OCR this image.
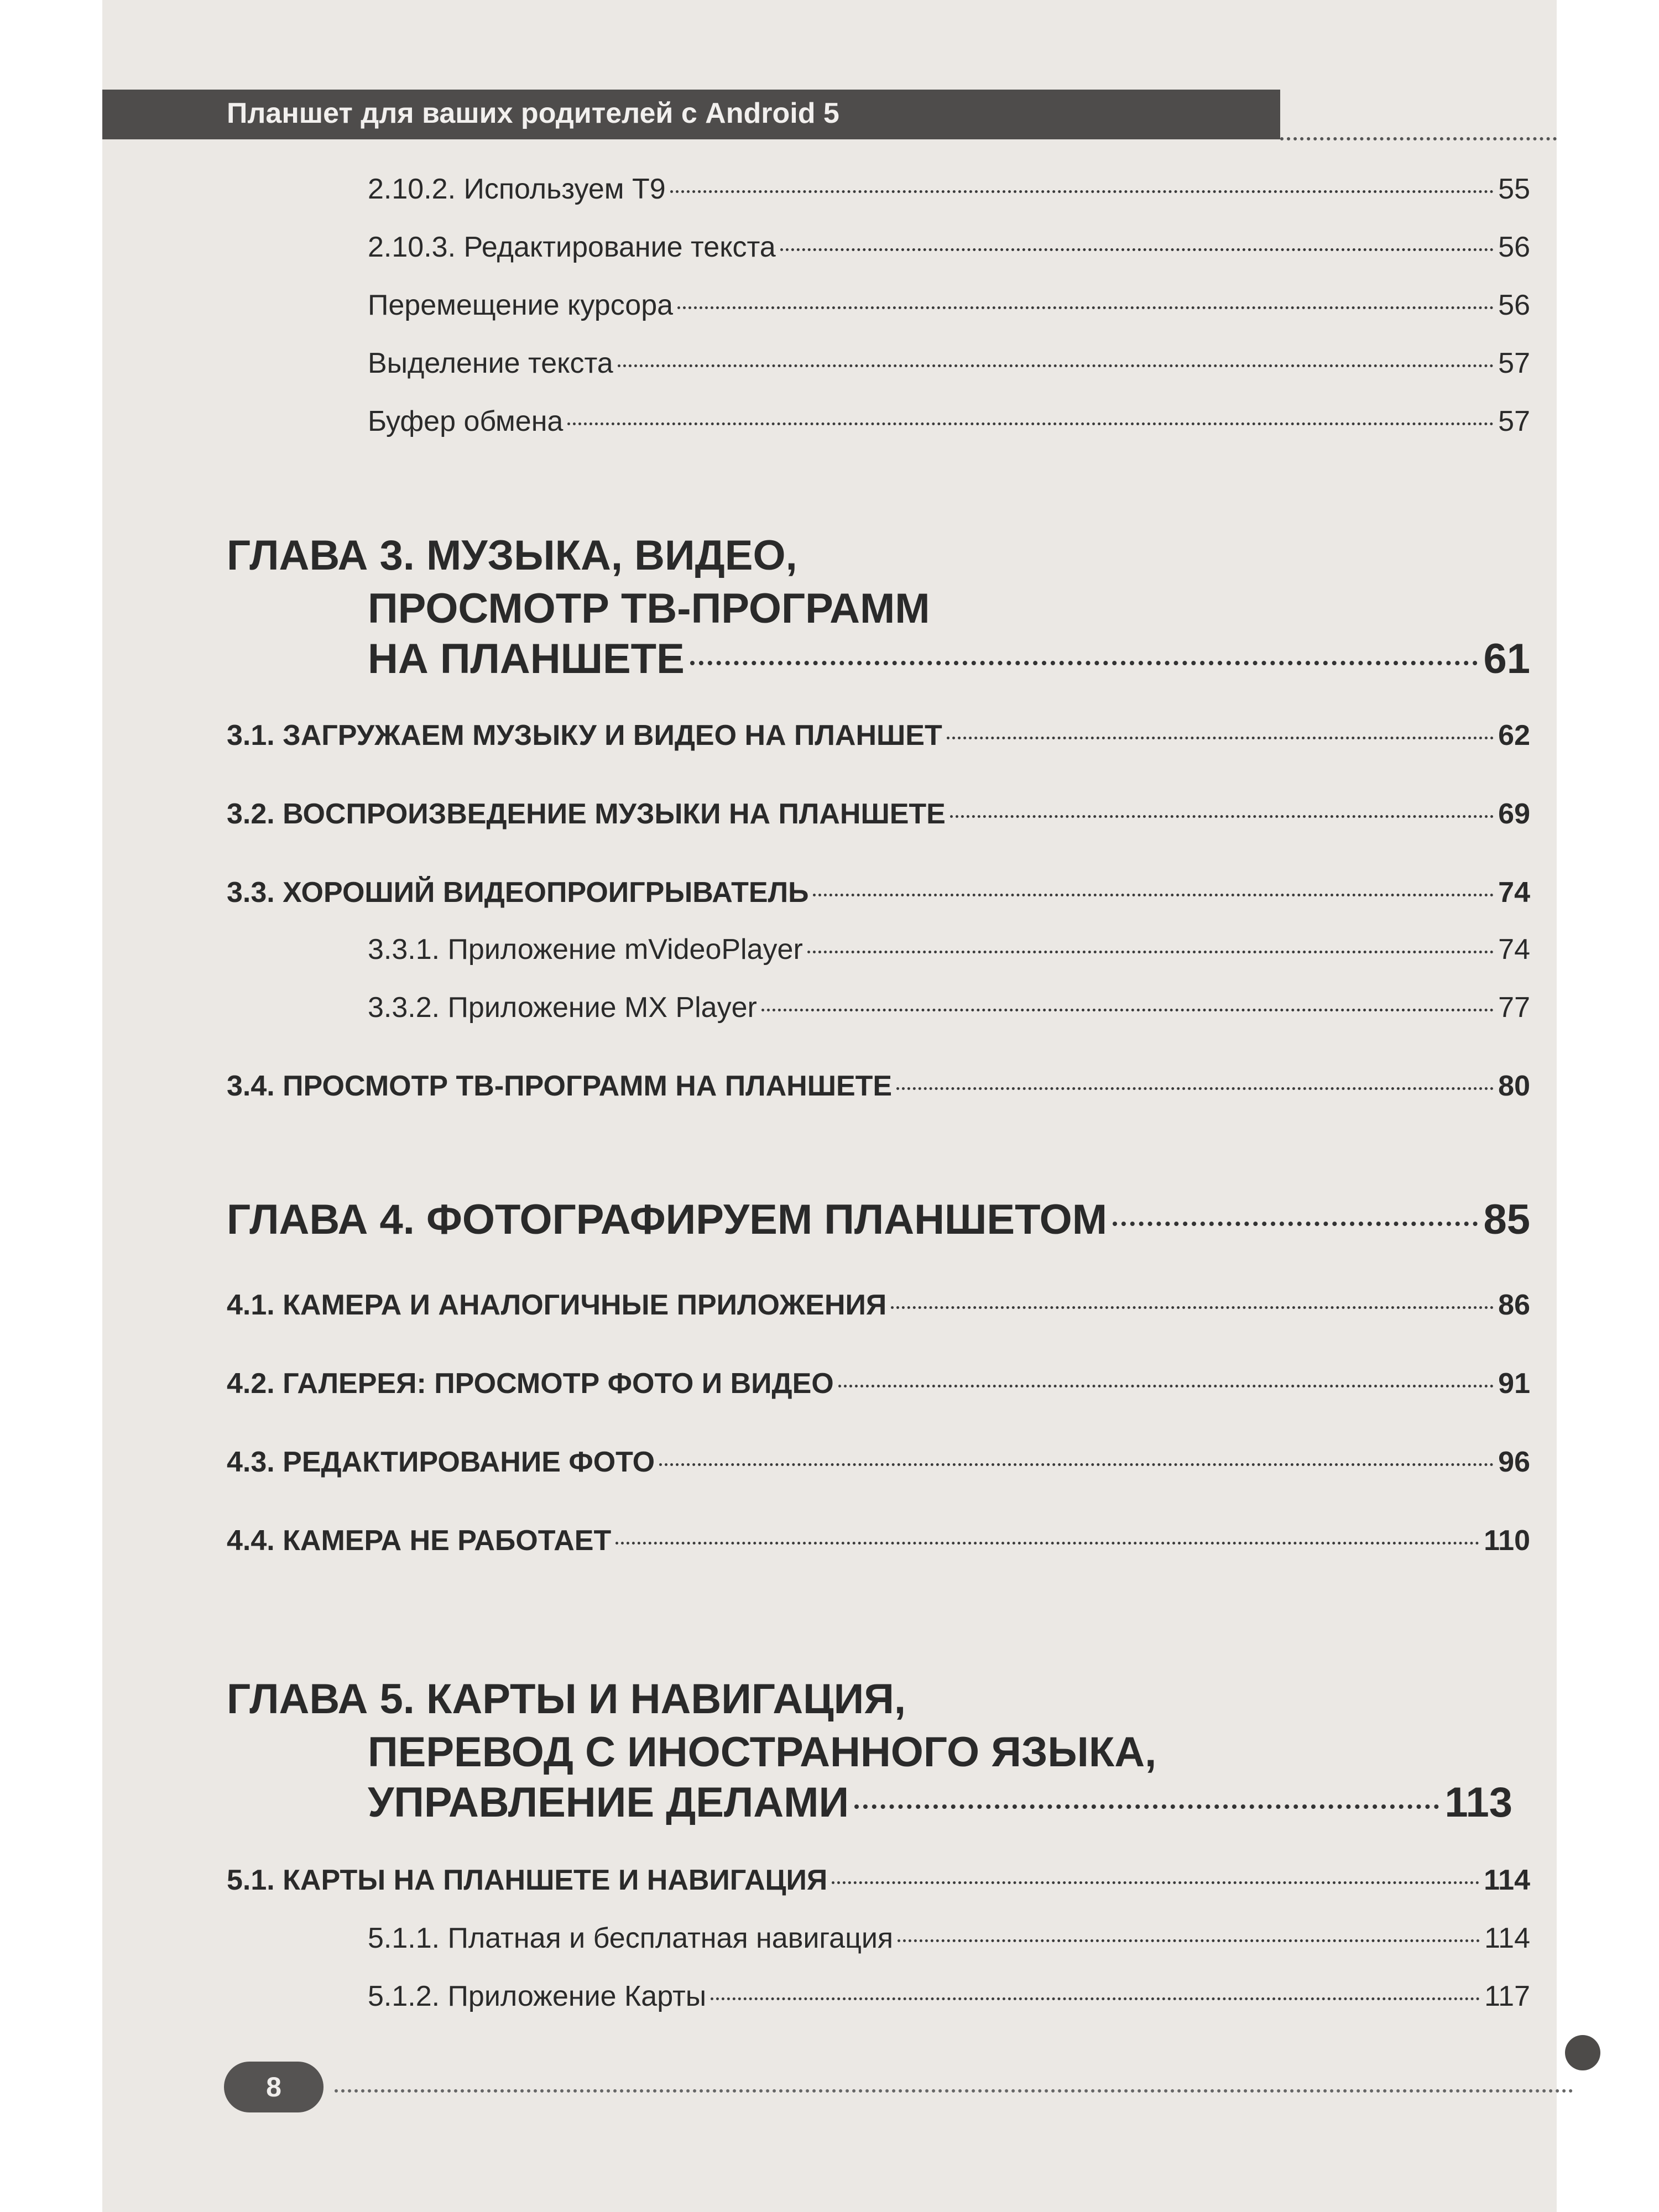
Планшет для ваших родителей с Android 5
2.10.2. Используем Т9	55
2.10.3. Редактирование текста	56
Перемещение курсора	56
Выделение текста	57
Буфер обмена	57
ГЛАВА 3. МУЗЫКА, ВИДЕО,
ПРОСМОТР ТВ-ПРОГРАММ
НА ПЛАНШЕТЕ	61
3.1. ЗАГРУЖАЕМ МУЗЫКУ И ВИДЕО НА ПЛАНШЕТ	62
3.2. ВОСПРОИЗВЕДЕНИЕ МУЗЫКИ НА ПЛАНШЕТЕ	69
3.3. ХОРОШИЙ ВИДЕОПРОИГРЫВАТЕЛЬ	74
3.3.1. Приложение mVideoPlayer	74
3.3.2. Приложение MX Player	77
3.4. ПРОСМОТР ТВ-ПРОГРАММ НА ПЛАНШЕТЕ	80
ГЛАВА 4. ФОТОГРАФИРУЕМ ПЛАНШЕТОМ	85
4.1. КАМЕРА И АНАЛОГИЧНЫЕ ПРИЛОЖЕНИЯ	86
4.2. ГАЛЕРЕЯ: ПРОСМОТР ФОТО И ВИДЕО	91
4.3. РЕДАКТИРОВАНИЕ ФОТО	96
4.4. КАМЕРА НЕ РАБОТАЕТ	110
ГЛАВА 5. КАРТЫ И НАВИГАЦИЯ,
ПЕРЕВОД С ИНОСТРАННОГО ЯЗЫКА,
УПРАВЛЕНИЕ ДЕЛАМИ	113
5.1. КАРТЫ НА ПЛАНШЕТЕ И НАВИГАЦИЯ	114
5.1.1. Платная и бесплатная навигация	114
5.1.2. Приложение Карты	117
8
